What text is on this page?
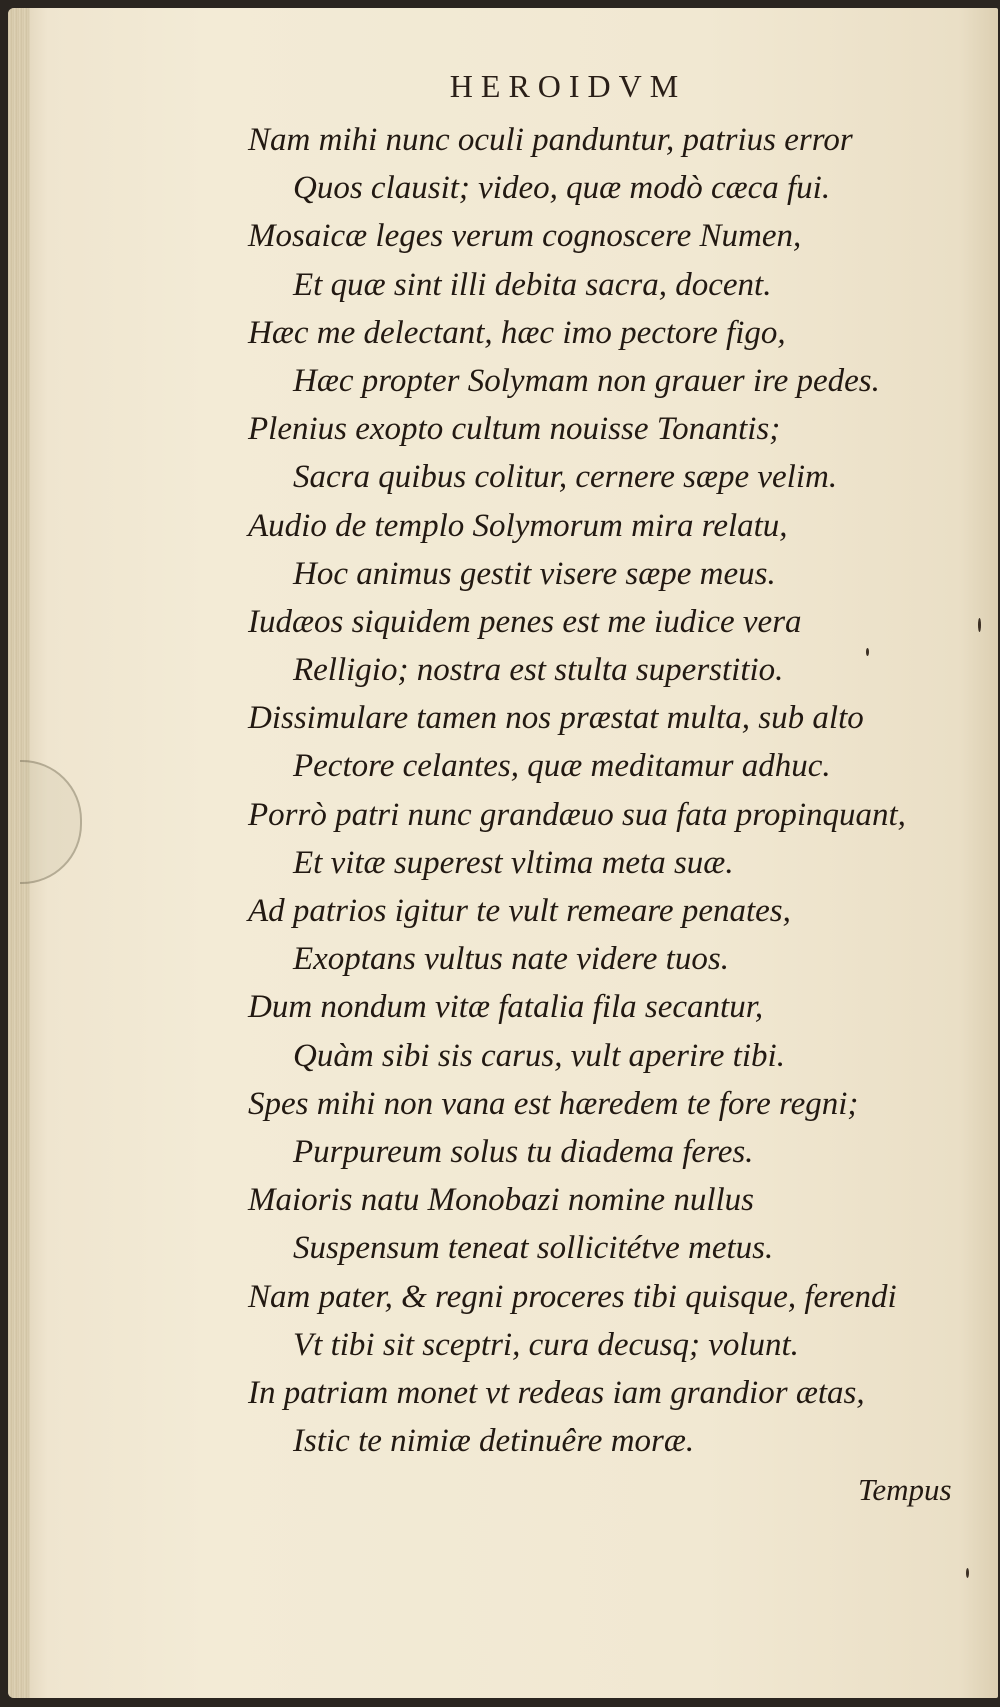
HEROIDVM
Nam mihi nunc oculi panduntur, patrius error
Quos clausit; video, quæ modò cæca fui.
Mosaicæ leges verum cognoscere Numen,
Et quæ sint illi debita sacra, docent.
Hæc me delectant, hæc imo pectore figo,
Hæc propter Solymam non grauer ire pedes.
Plenius exopto cultum nouisse Tonantis;
Sacra quibus colitur, cernere sæpe velim.
Audio de templo Solymorum mira relatu,
Hoc animus gestit visere sæpe meus.
Iudæos siquidem penes est me iudice vera
Relligio; nostra est stulta superstitio.
Dissimulare tamen nos præstat multa, sub alto
Pectore celantes, quæ meditamur adhuc.
Porrò patri nunc grandæuo sua fata propinquant,
Et vitæ superest vltima meta suæ.
Ad patrios igitur te vult remeare penates,
Exoptans vultus nate videre tuos.
Dum nondum vitæ fatalia fila secantur,
Quàm sibi sis carus, vult aperire tibi.
Spes mihi non vana est hæredem te fore regni;
Purpureum solus tu diadema feres.
Maioris natu Monobazi nomine nullus
Suspensum teneat sollicitétve metus.
Nam pater, & regni proceres tibi quisque, ferendi
Vt tibi sit sceptri, cura decusq; volunt.
In patriam monet vt redeas iam grandior ætas,
Istic te nimiæ detinuêre moræ.
Tempus
